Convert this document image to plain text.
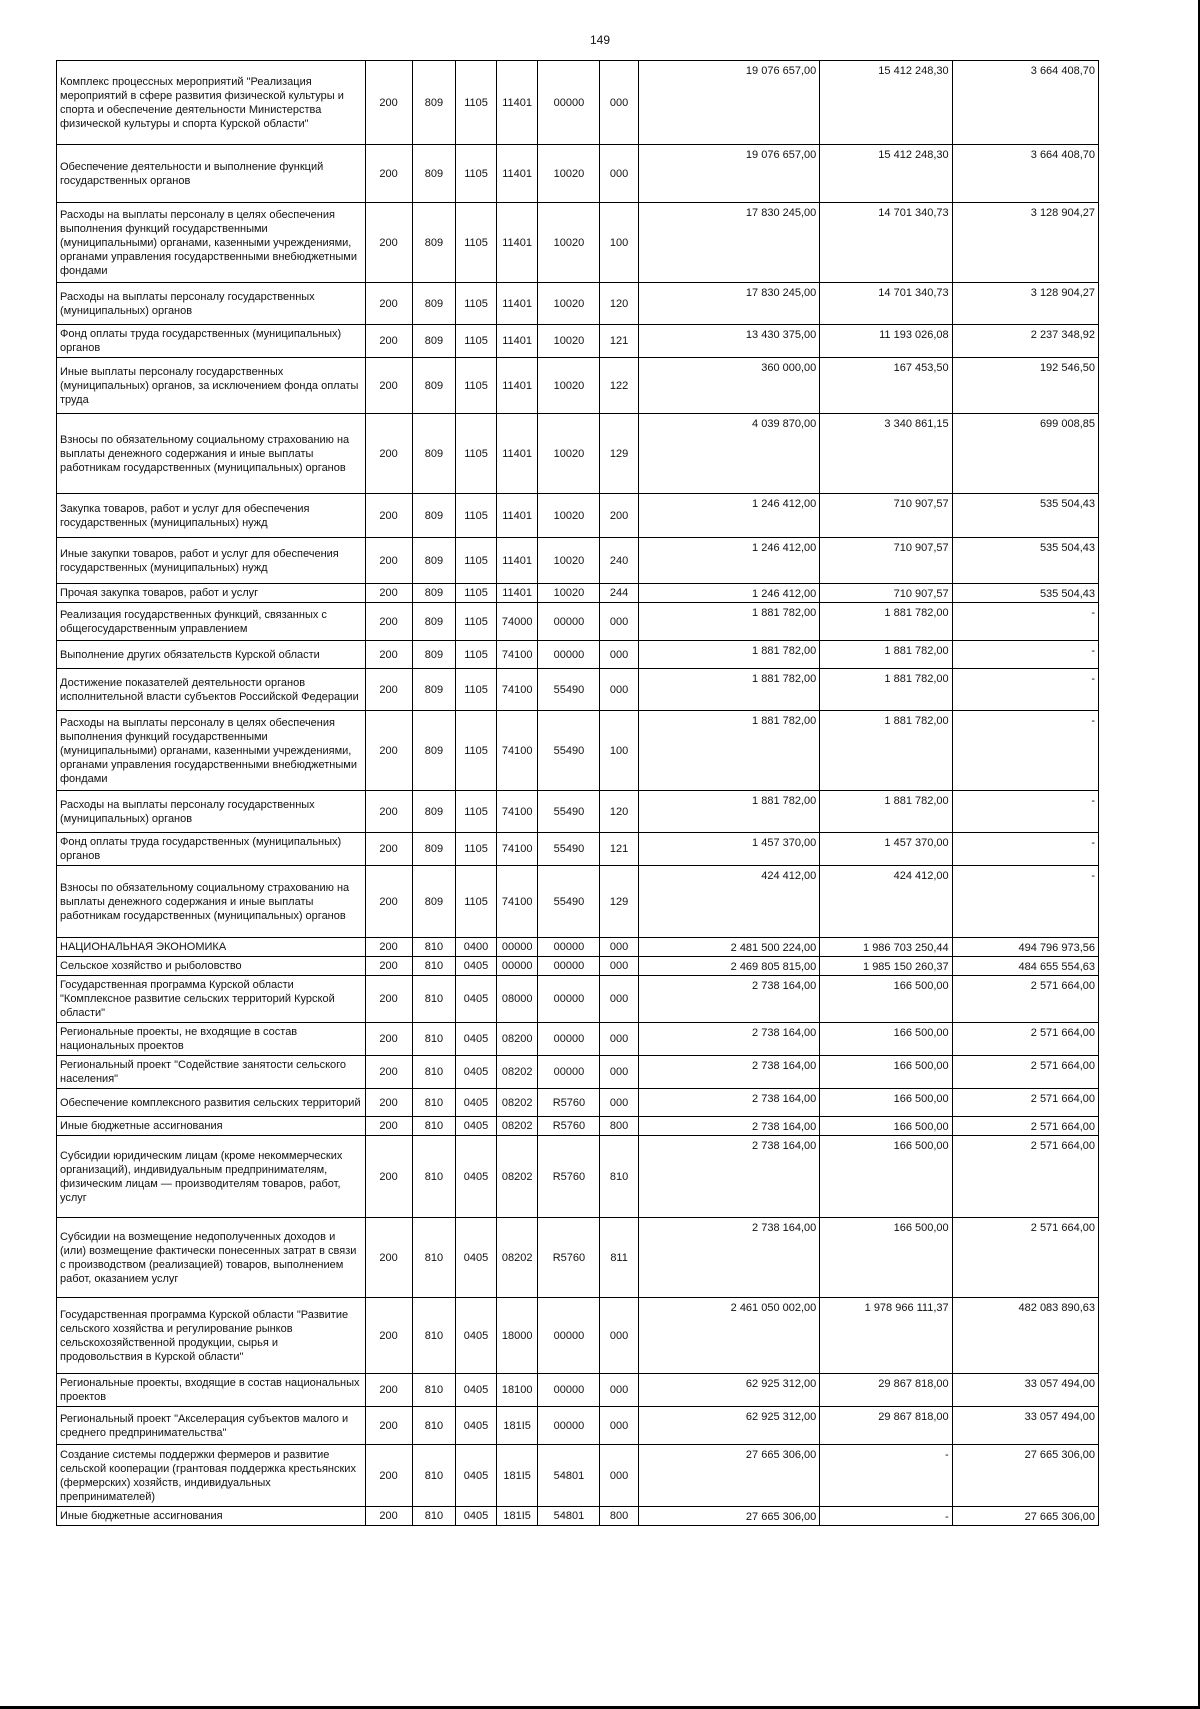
149
Комплекс процессных мероприятий "Реализация мероприятий в сфере развития физической культуры и спорта и обеспечение деятельности Министерства физической культуры и спорта Курской области"	200	809	1105	11401	00000	000	19 076 657,00	15 412 248,30	3 664 408,70
Обеспечение деятельности и выполнение функций государственных органов	200	809	1105	11401	10020	000	19 076 657,00	15 412 248,30	3 664 408,70
Расходы на выплаты персоналу в целях обеспечения выполнения функций государственными (муниципальными) органами, казенными учреждениями, органами управления государственными внебюджетными фондами	200	809	1105	11401	10020	100	17 830 245,00	14 701 340,73	3 128 904,27
Расходы на выплаты персоналу государственных (муниципальных) органов	200	809	1105	11401	10020	120	17 830 245,00	14 701 340,73	3 128 904,27
Фонд оплаты труда государственных (муниципальных) органов	200	809	1105	11401	10020	121	13 430 375,00	11 193 026,08	2 237 348,92
Иные выплаты персоналу государственных (муниципальных) органов, за исключением фонда оплаты труда	200	809	1105	11401	10020	122	360 000,00	167 453,50	192 546,50
Взносы по обязательному социальному страхованию на выплаты денежного содержания и иные выплаты работникам государственных (муниципальных) органов	200	809	1105	11401	10020	129	4 039 870,00	3 340 861,15	699 008,85
Закупка товаров, работ и услуг для обеспечения государственных (муниципальных) нужд	200	809	1105	11401	10020	200	1 246 412,00	710 907,57	535 504,43
Иные закупки товаров, работ и услуг для обеспечения государственных (муниципальных) нужд	200	809	1105	11401	10020	240	1 246 412,00	710 907,57	535 504,43
Прочая закупка товаров, работ и услуг	200	809	1105	11401	10020	244	1 246 412,00	710 907,57	535 504,43
Реализация государственных функций, связанных с общегосударственным управлением	200	809	1105	74000	00000	000	1 881 782,00	1 881 782,00	-
Выполнение других обязательств Курской области	200	809	1105	74100	00000	000	1 881 782,00	1 881 782,00	-
Достижение показателей деятельности органов исполнительной власти субъектов Российской Федерации	200	809	1105	74100	55490	000	1 881 782,00	1 881 782,00	-
Расходы на выплаты персоналу в целях обеспечения выполнения функций государственными (муниципальными) органами, казенными учреждениями, органами управления государственными внебюджетными фондами	200	809	1105	74100	55490	100	1 881 782,00	1 881 782,00	-
Расходы на выплаты персоналу государственных (муниципальных) органов	200	809	1105	74100	55490	120	1 881 782,00	1 881 782,00	-
Фонд оплаты труда государственных (муниципальных) органов	200	809	1105	74100	55490	121	1 457 370,00	1 457 370,00	-
Взносы по обязательному социальному страхованию на выплаты денежного содержания и иные выплаты работникам государственных (муниципальных) органов	200	809	1105	74100	55490	129	424 412,00	424 412,00	-
НАЦИОНАЛЬНАЯ ЭКОНОМИКА	200	810	0400	00000	00000	000	2 481 500 224,00	1 986 703 250,44	494 796 973,56
Сельское хозяйство и рыболовство	200	810	0405	00000	00000	000	2 469 805 815,00	1 985 150 260,37	484 655 554,63
Государственная программа Курской области "Комплексное развитие сельских территорий Курской области"	200	810	0405	08000	00000	000	2 738 164,00	166 500,00	2 571 664,00
Региональные проекты, не входящие в состав национальных проектов	200	810	0405	08200	00000	000	2 738 164,00	166 500,00	2 571 664,00
Региональный проект "Содействие занятости сельского населения"	200	810	0405	08202	00000	000	2 738 164,00	166 500,00	2 571 664,00
Обеспечение комплексного развития сельских территорий	200	810	0405	08202	R5760	000	2 738 164,00	166 500,00	2 571 664,00
Иные бюджетные ассигнования	200	810	0405	08202	R5760	800	2 738 164,00	166 500,00	2 571 664,00
Субсидии юридическим лицам (кроме некоммерческих организаций), индивидуальным предпринимателям, физическим лицам — производителям товаров, работ, услуг	200	810	0405	08202	R5760	810	2 738 164,00	166 500,00	2 571 664,00
Субсидии на возмещение недополученных доходов и (или) возмещение фактически понесенных затрат в связи с производством (реализацией) товаров, выполнением работ, оказанием услуг	200	810	0405	08202	R5760	811	2 738 164,00	166 500,00	2 571 664,00
Государственная программа Курской области "Развитие сельского хозяйства и регулирование рынков сельскохозяйственной продукции, сырья и продовольствия в Курской области"	200	810	0405	18000	00000	000	2 461 050 002,00	1 978 966 111,37	482 083 890,63
Региональные проекты, входящие в состав национальных проектов	200	810	0405	18100	00000	000	62 925 312,00	29 867 818,00	33 057 494,00
Региональный проект "Акселерация субъектов малого и среднего предпринимательства"	200	810	0405	181I5	00000	000	62 925 312,00	29 867 818,00	33 057 494,00
Создание системы поддержки фермеров и развитие сельской кооперации (грантовая поддержка крестьянских (фермерских) хозяйств, индивидуальных препринимателей)	200	810	0405	181I5	54801	000	27 665 306,00	-	27 665 306,00
Иные бюджетные ассигнования	200	810	0405	181I5	54801	800	27 665 306,00	-	27 665 306,00
